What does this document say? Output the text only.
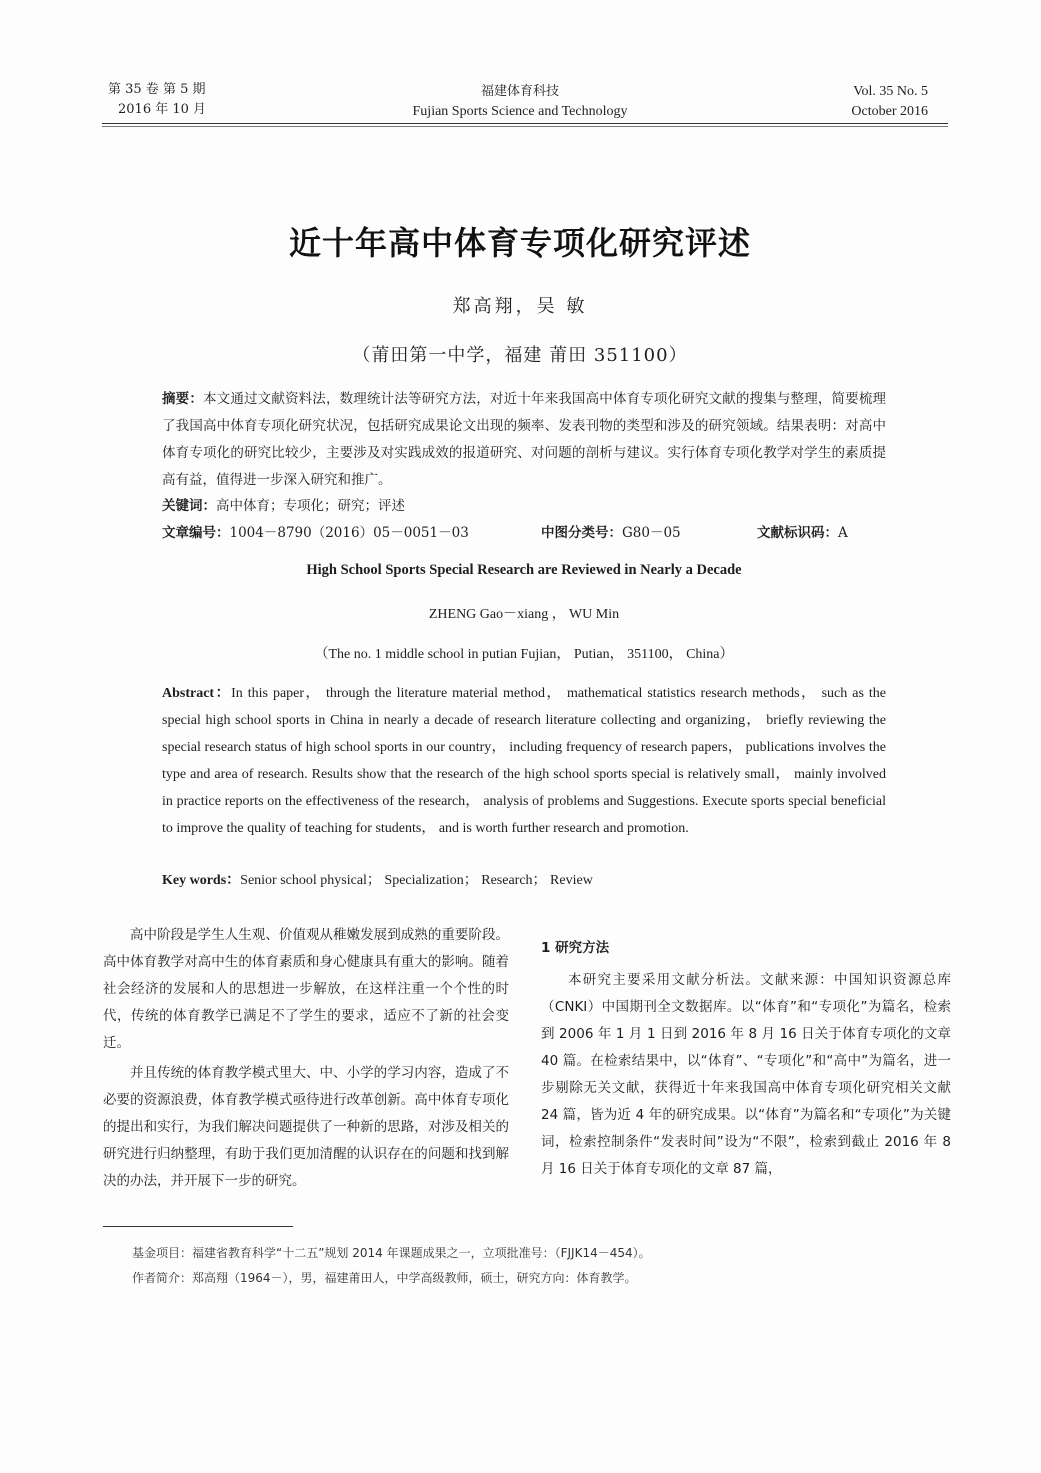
第 35 卷 第 5 期
2016 年 10 月
福建体育科技
Fujian Sports Science and Technology
Vol. 35 No. 5
October 2016
近十年高中体育专项化研究评述
郑高翔，吴 敏
（莆田第一中学，福建 莆田 351100）
摘要：本文通过文献资料法，数理统计法等研究方法，对近十年来我国高中体育专项化研究文献的搜集与整理，简要梳理了我国高中体育专项化研究状况，包括研究成果论文出现的频率、发表刊物的类型和涉及的研究领域。结果表明：对高中体育专项化的研究比较少，主要涉及对实践成效的报道研究、对问题的剖析与建议。实行体育专项化教学对学生的素质提高有益，值得进一步深入研究和推广。
关键词：高中体育；专项化；研究；评述
文章编号：1004－8790（2016）05－0051－03	中图分类号：G80－05	文献标识码：A
High School Sports Special Research are Reviewed in Nearly a Decade
ZHENG Gao－xiang ， WU Min
（The no. 1 middle school in putian Fujian， Putian， 351100， China）
Abstract：In this paper， through the literature material method， mathematical statistics research methods， such as the special high school sports in China in nearly a decade of research literature collecting and organizing， briefly reviewing the special research status of high school sports in our country， including frequency of research papers， publications involves the type and area of research. Results show that the research of the high school sports special is relatively small， mainly involved in practice reports on the effectiveness of the research， analysis of problems and Suggestions. Execute sports special beneficial to improve the quality of teaching for students， and is worth further research and promotion.
Key words：Senior school physical； Specialization； Research； Review

高中阶段是学生人生观、价值观从稚嫩发展到成熟的重要阶段。高中体育教学对高中生的体育素质和身心健康具有重大的影响。随着社会经济的发展和人的思想进一步解放，在这样注重一个个性的时代，传统的体育教学已满足不了学生的要求，适应不了新的社会变迁。

并且传统的体育教学模式里大、中、小学的学习内容，造成了不必要的资源浪费，体育教学模式亟待进行改革创新。高中体育专项化的提出和实行，为我们解决问题提供了一种新的思路，对涉及相关的研究进行归纳整理，有助于我们更加清醒的认识存在的问题和找到解决的办法，并开展下一步的研究。

1 研究方法

本研究主要采用文献分析法。文献来源：中国知识资源总库（CNKI）中国期刊全文数据库。以“体育”和“专项化”为篇名，检索到 2006 年 1 月 1 日到 2016 年 8 月 16 日关于体育专项化的文章 40 篇。在检索结果中，以“体育”、“专项化”和“高中”为篇名，进一步剔除无关文献，获得近十年来我国高中体育专项化研究相关文献 24 篇，皆为近 4 年的研究成果。以“体育”为篇名和“专项化”为关键词，检索控制条件“发表时间”设为“不限”，检索到截止 2016 年 8 月 16 日关于体育专项化的文章 87 篇，

基金项目：福建省教育科学“十二五”规划 2014 年课题成果之一，立项批准号：（FJJK14－454）。
作者简介：郑高翔（1964－），男，福建莆田人，中学高级教师，硕士，研究方向：体育教学。
